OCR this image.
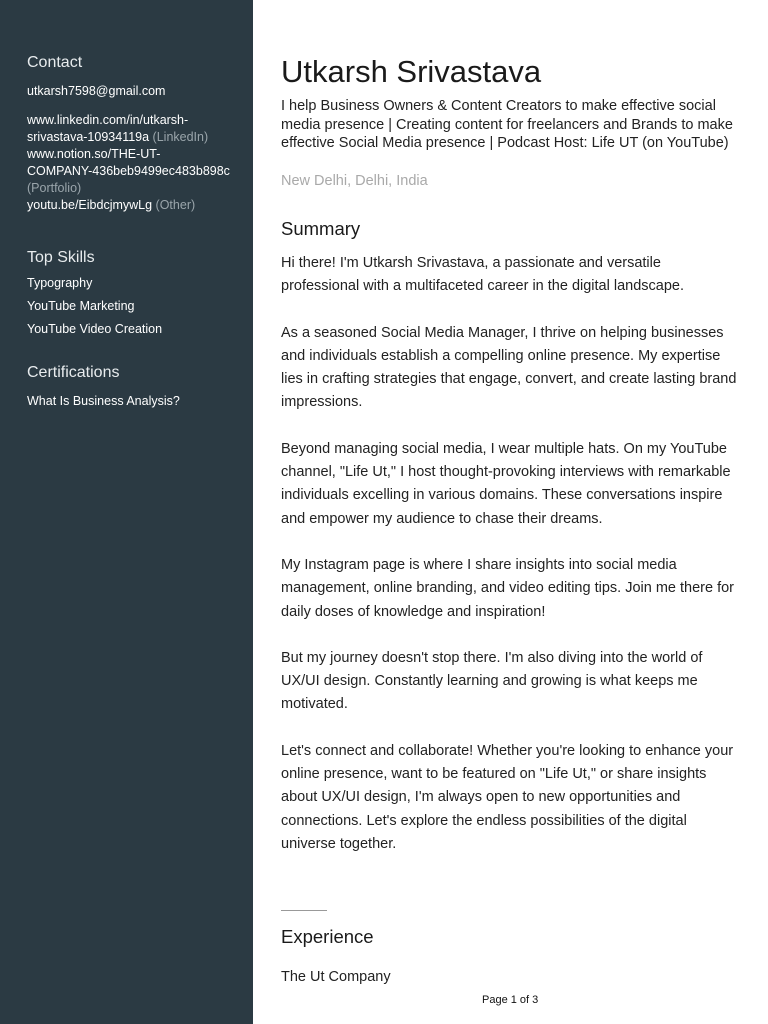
Contact
utkarsh7598@gmail.com
www.linkedin.com/in/utkarsh-
srivastava-10934119a (LinkedIn)
www.notion.so/THE-UT-
COMPANY-436beb9499ec483b898c
(Portfolio)
youtu.be/EibdcjmywLg (Other)
Top Skills
Typography
YouTube Marketing
YouTube Video Creation
Certifications
What Is Business Analysis?
Utkarsh Srivastava
I help Business Owners & Content Creators to make effective social media presence | Creating content for freelancers and Brands to make effective Social Media presence | Podcast Host: Life UT (on YouTube)
New Delhi, Delhi, India
Summary

Hi there! I'm Utkarsh Srivastava, a passionate and versatile professional with a multifaceted career in the digital landscape.

As a seasoned Social Media Manager, I thrive on helping businesses and individuals establish a compelling online presence. My expertise lies in crafting strategies that engage, convert, and create lasting brand impressions.

Beyond managing social media, I wear multiple hats. On my YouTube channel, "Life Ut," I host thought-provoking interviews with remarkable individuals excelling in various domains. These conversations inspire and empower my audience to chase their dreams.

My Instagram page is where I share insights into social media management, online branding, and video editing tips. Join me there for daily doses of knowledge and inspiration!

But my journey doesn't stop there. I'm also diving into the world of UX/UI design. Constantly learning and growing is what keeps me motivated.

Let's connect and collaborate! Whether you're looking to enhance your online presence, want to be featured on "Life Ut," or share insights about UX/UI design, I'm always open to new opportunities and connections. Let's explore the endless possibilities of the digital universe together.

Experience
The Ut Company
Page 1 of 3
